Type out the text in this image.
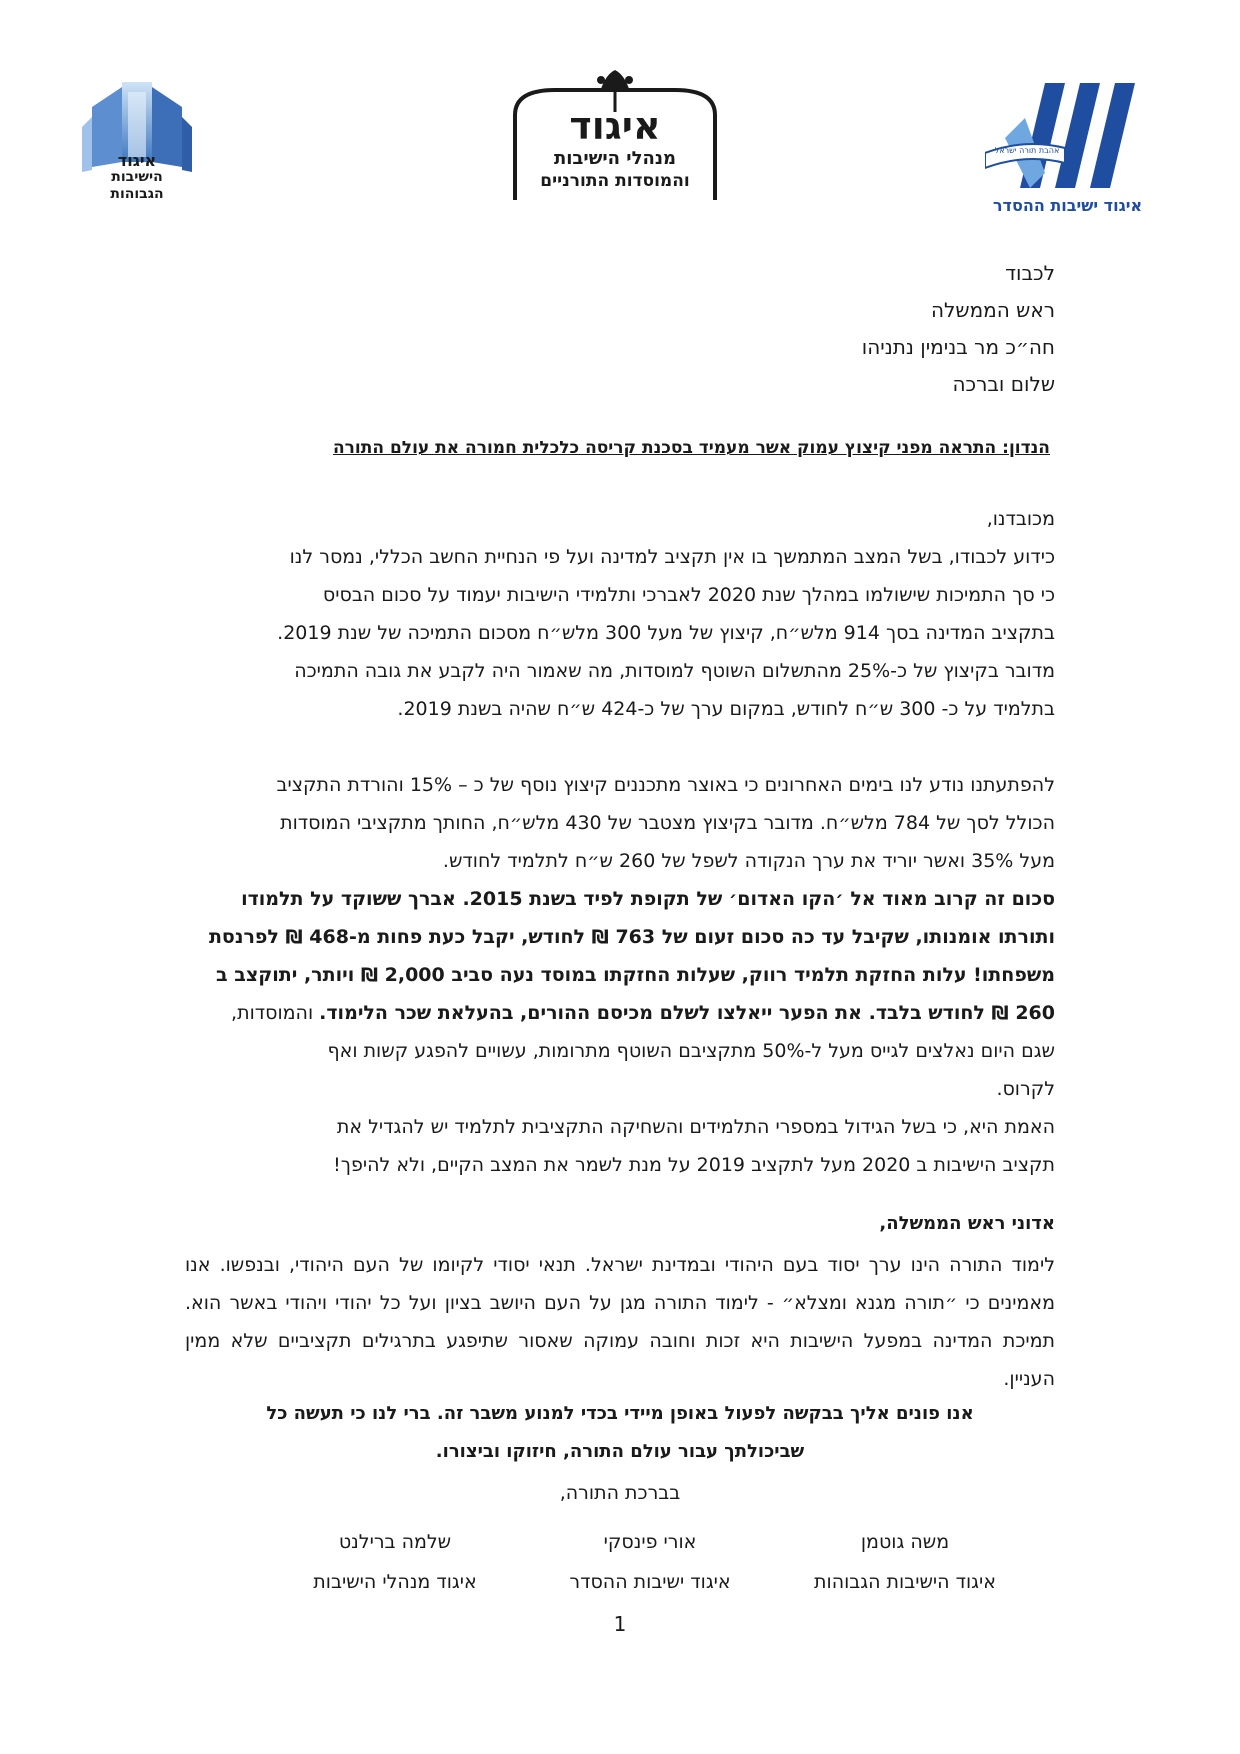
איגוד
הישיבות
הגבוהות
איגוד
מנהלי הישיבות
והמוסדות התורניים
אהבת תורה ישראל
איגוד ישיבות ההסדר
לכבוד
ראש הממשלה
חה״כ מר בנימין נתניהו
שלום וברכה
הנדון: התראה מפני קיצוץ עמוק אשר מעמיד בסכנת קריסה כלכלית חמורה את עולם התורה
מכובדנו,
כידוע לכבודו, בשל המצב המתמשך בו אין תקציב למדינה ועל פי הנחיית החשב הכללי, נמסר לנו
כי סך התמיכות שישולמו במהלך שנת 2020 לאברכי ותלמידי הישיבות יעמוד על סכום הבסיס
בתקציב המדינה בסך 914 מלש״ח, קיצוץ של מעל 300 מלש״ח מסכום התמיכה של שנת 2019.
מדובר בקיצוץ של כ-25% מהתשלום השוטף למוסדות, מה שאמור היה לקבע את גובה התמיכה
בתלמיד על כ- 300 ש״ח לחודש, במקום ערך של כ-424 ש״ח שהיה בשנת 2019.
להפתעתנו נודע לנו בימים האחרונים כי באוצר מתכננים קיצוץ נוסף של כ – 15% והורדת התקציב
הכולל לסך של 784 מלש״ח. מדובר בקיצוץ מצטבר של 430 מלש״ח, החותך מתקציבי המוסדות
מעל 35% ואשר יוריד את ערך הנקודה לשפל של 260 ש״ח לתלמיד לחודש.
סכום זה קרוב מאוד אל ׳הקו האדום׳ של תקופת לפיד בשנת 2015. אברך ששוקד על תלמודו
ותורתו אומנותו, שקיבל עד כה סכום זעום של 763 ₪ לחודש, יקבל כעת פחות מ-468 ₪ לפרנסת
משפחתו! עלות החזקת תלמיד רווק, שעלות החזקתו במוסד נעה סביב 2,000 ₪ ויותר, יתוקצב ב
260 ₪ לחודש בלבד. את הפער ייאלצו לשלם מכיסם ההורים, בהעלאת שכר הלימוד. והמוסדות,
שגם היום נאלצים לגייס מעל ל-50% מתקציבם השוטף מתרומות, עשויים להפגע קשות ואף
לקרוס.
האמת היא, כי בשל הגידול במספרי התלמידים והשחיקה התקציבית לתלמיד יש להגדיל את
תקציב הישיבות ב 2020 מעל לתקציב 2019 על מנת לשמר את המצב הקיים, ולא להיפך!
אדוני ראש הממשלה,
לימוד התורה הינו ערך יסוד בעם היהודי ובמדינת ישראל. תנאי יסודי לקיומו של העם היהודי, ובנפשו. אנו מאמינים כי ״תורה מגנא ומצלא״ - לימוד התורה מגן על העם היושב בציון ועל כל יהודי ויהודי באשר הוא. תמיכת המדינה במפעל הישיבות היא זכות וחובה עמוקה שאסור שתיפגע בתרגילים תקציביים שלא ממין העניין.
אנו פונים אליך בבקשה לפעול באופן מיידי בכדי למנוע משבר זה. ברי לנו כי תעשה כל
שביכולתך עבור עולם התורה, חיזוקו וביצורו.
בברכת התורה,
שלמה ברילנט
איגוד מנהלי הישיבות
אורי פינסקי
איגוד ישיבות ההסדר
משה גוטמן
איגוד הישיבות הגבוהות
1
